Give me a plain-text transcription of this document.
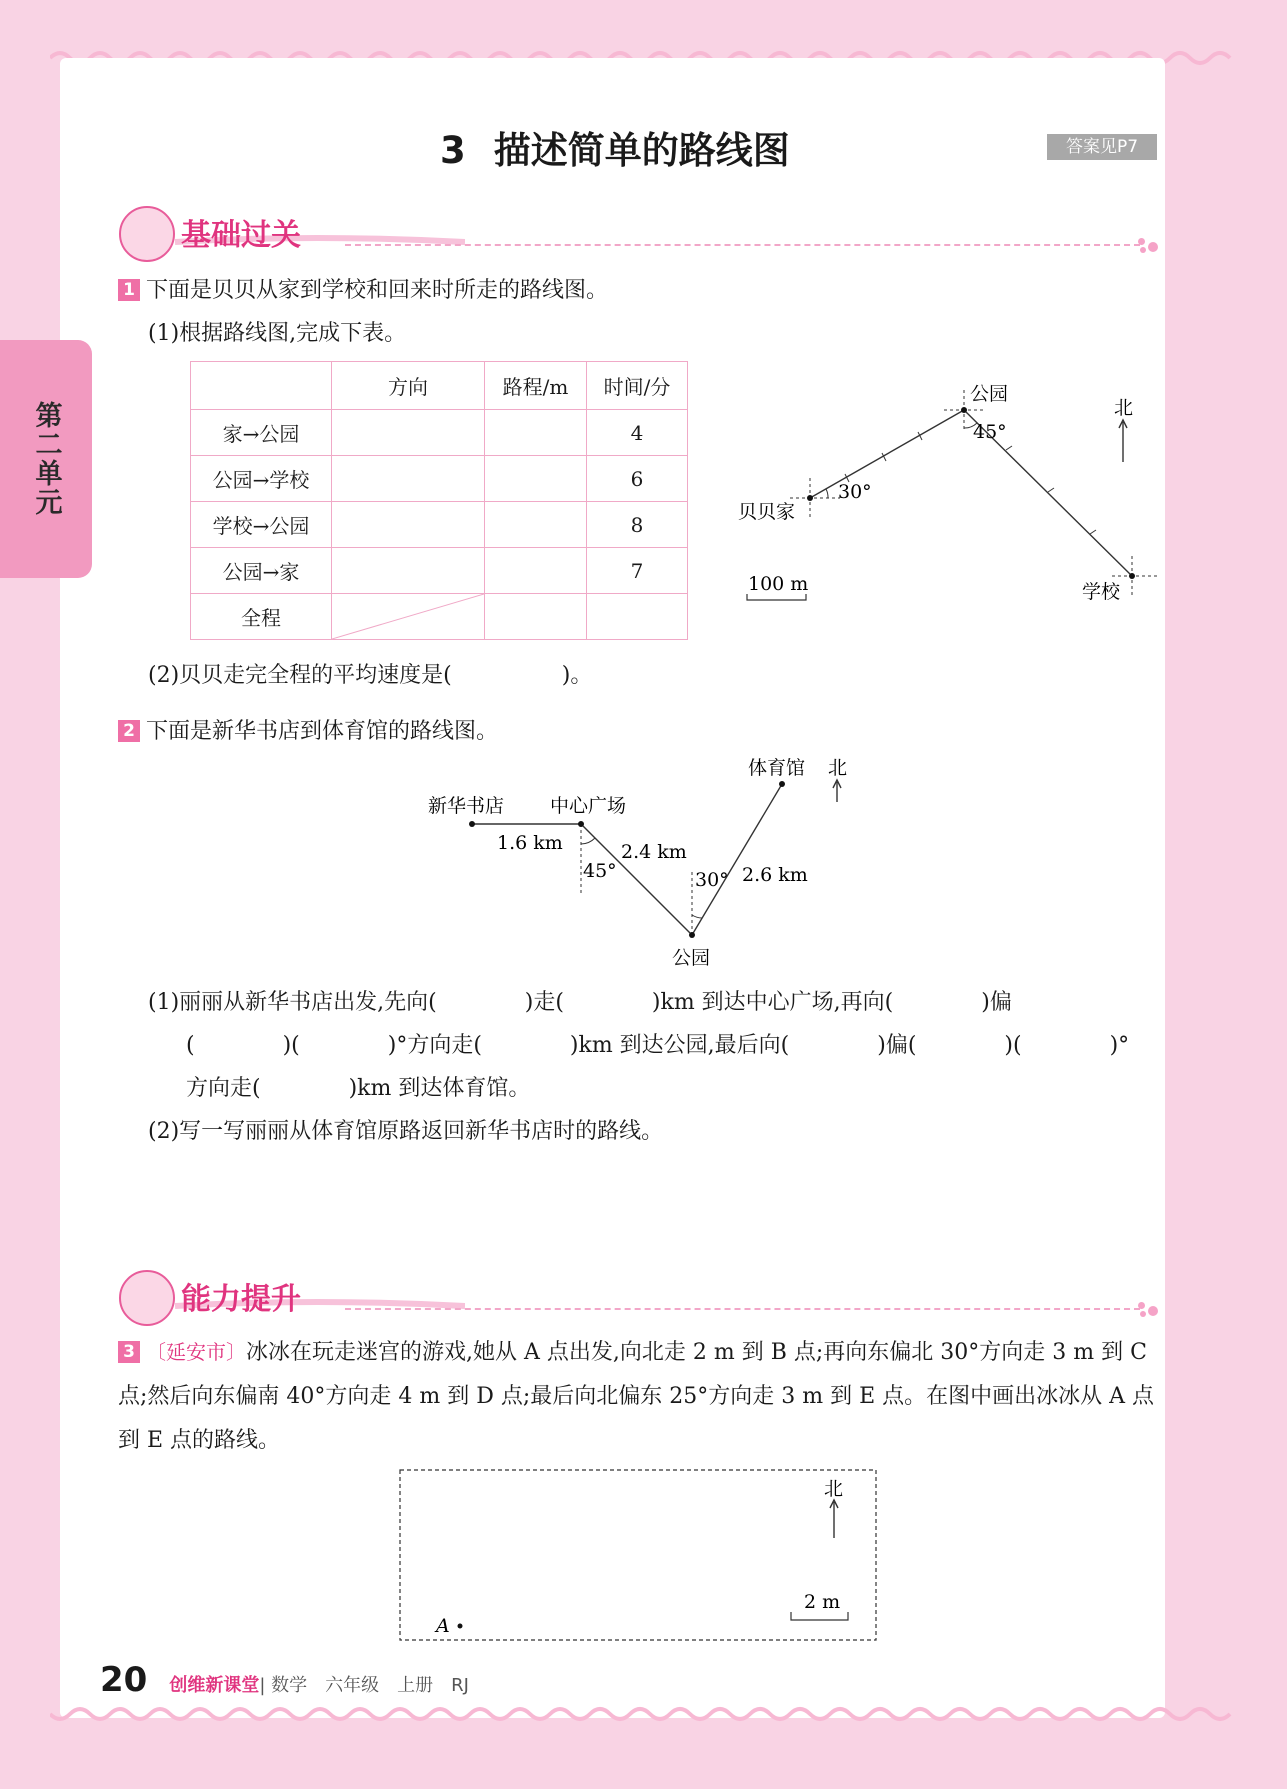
第二单元
3 描述简单的路线图	答案见P7
基础过关
1 下面是贝贝从家到学校和回来时所走的路线图。
(1)根据路线图,完成下表。
	方向	路程/m	时间/分
家→公园			4
公园→学校			6
学校→公园			8
公园→家			7
全程	

公园
45°
贝贝家
30°
学校
北
100 m
(2)贝贝走完全程的平均速度是(　　　　　)。
2 下面是新华书店到体育馆的路线图。
新华书店 中心广场
体育馆 北
1.6 km	2.4 km
2.6 km
45°	30°
公园
(1)丽丽从新华书店出发,先向(　　　　)走(　　　　)km 到达中心广场,再向(　　　　)偏
(　　　　)(　　　　)°方向走(　　　　)km 到达公园,最后向(　　　　)偏(　　　　)(　　　　)°
方向走(　　　　)km 到达体育馆。
(2)写一写丽丽从体育馆原路返回新华书店时的路线。
能力提升
3 〔延安市〕冰冰在玩走迷宫的游戏,她从 A 点出发,向北走 2 m 到 B 点;再向东偏北 30°方向走 3 m 到 C 点;然后向东偏南 40°方向走 4 m 到 D 点;最后向北偏东 25°方向走 3 m 到 E 点。在图中画出冰冰从 A 点到 E 点的路线。
北
2 m
A
20 创维新课堂| 数学　六年级　上册　RJ
